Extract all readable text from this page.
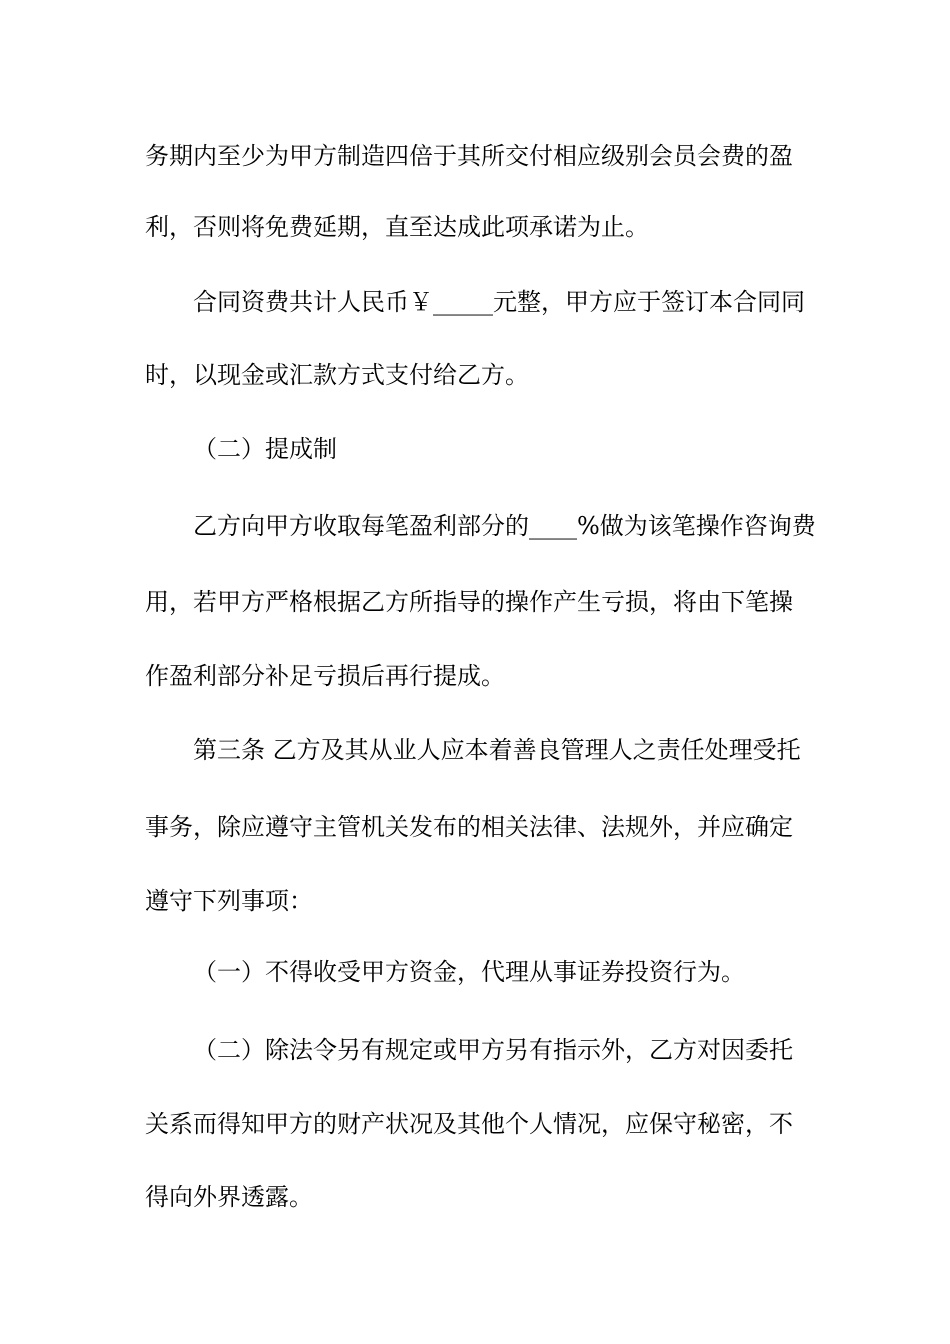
务期内至少为甲方制造四倍于其所交付相应级别会员会费的盈
利，否则将免费延期，直至达成此项承诺为止。
合同资费共计人民币￥_____元整，甲方应于签订本合同同
时，以现金或汇款方式支付给乙方。
（二）提成制
乙方向甲方收取每笔盈利部分的____%做为该笔操作咨询费
用，若甲方严格根据乙方所指导的操作产生亏损，将由下笔操
作盈利部分补足亏损后再行提成。
第三条 乙方及其从业人应本着善良管理人之责任处理受托
事务，除应遵守主管机关发布的相关法律、法规外，并应确定
遵守下列事项：
（一）不得收受甲方资金，代理从事证券投资行为。
（二）除法令另有规定或甲方另有指示外，乙方对因委托
关系而得知甲方的财产状况及其他个人情况，应保守秘密，不
得向外界透露。
